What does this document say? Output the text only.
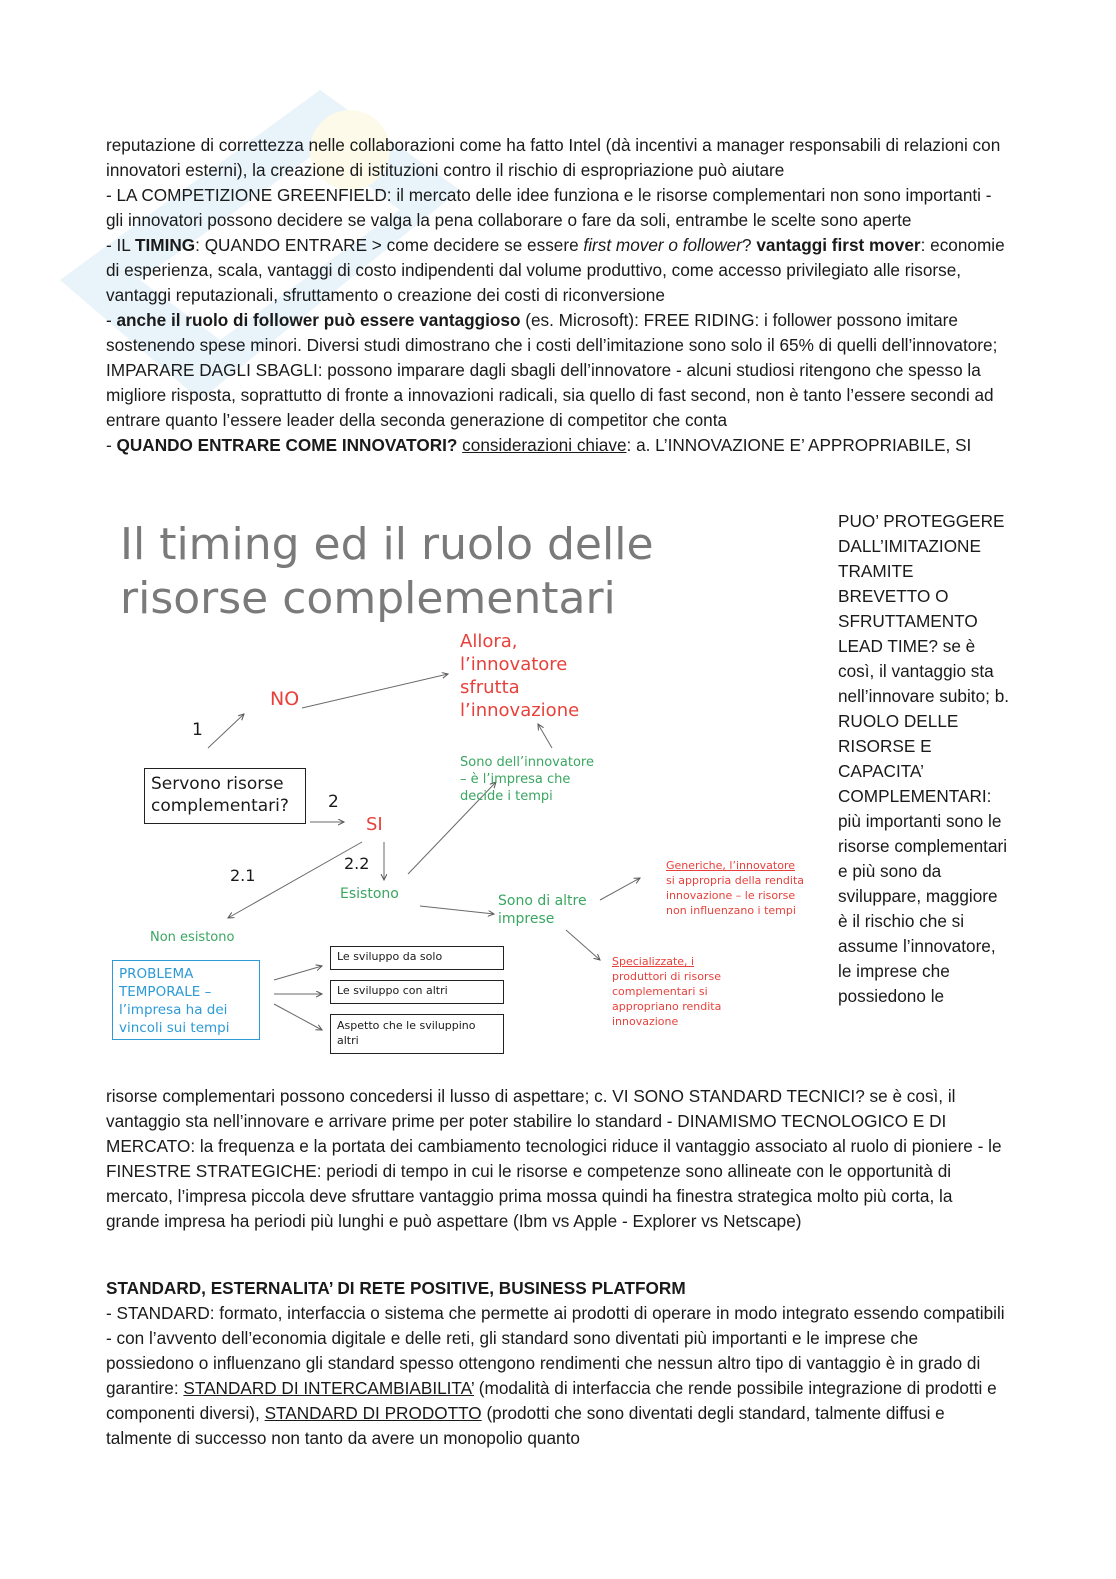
reputazione di correttezza nelle collaborazioni come ha fatto Intel (dà incentivi a manager responsabili di relazioni con innovatori esterni), la creazione di istituzioni contro il rischio di espropriazione può aiutare
- LA COMPETIZIONE GREENFIELD: il mercato delle idee funziona e le risorse complementari non sono importanti - gli innovatori possono decidere se valga la pena collaborare o fare da soli, entrambe le scelte sono aperte
- IL TIMING: QUANDO ENTRARE > come decidere se essere first mover o follower? vantaggi first mover: economie di esperienza, scala, vantaggi di costo indipendenti dal volume produttivo, come accesso privilegiato alle risorse, vantaggi reputazionali, sfruttamento o creazione dei costi di riconversione
- anche il ruolo di follower può essere vantaggioso (es. Microsoft): FREE RIDING: i follower possono imitare sostenendo spese minori. Diversi studi dimostrano che i costi dell’imitazione sono solo il 65% di quelli dell’innovatore; IMPARARE DAGLI SBAGLI: possono imparare dagli sbagli dell’innovatore - alcuni studiosi ritengono che spesso la migliore risposta, soprattutto di fronte a innovazioni radicali, sia quello di fast second, non è tanto l’essere secondi ad entrare quanto l’essere leader della seconda generazione di competitor che conta
- QUANDO ENTRARE COME INNOVATORI? considerazioni chiave: a. L’INNOVAZIONE E’ APPROPRIABILE, SI

Il timing ed il ruolo delle
risorse complementari
1
NO
Allora,
l’innovatore
sfrutta
l’innovazione
Servono risorse
complementari?	2
SI
Sono dell’innovatore
– è l’impresa che
decide i tempi
2.1
2.2
Esistono	Sono di altre
imprese
Generiche, l’innovatore
si appropria della rendita
innovazione – le risorse
non influenzano i tempi
Non esistono
PROBLEMA
TEMPORALE –
l’impresa ha dei
vincoli sui tempi
Le sviluppo da solo
Le sviluppo con altri
Aspetto che le sviluppino
altri
Specializzate, i
produttori di risorse
complementari si
appropriano rendita
innovazione

PUO’ PROTEGGERE DALL’IMITAZIONE TRAMITE BREVETTO O SFRUTTAMENTO LEAD TIME? se è così, il vantaggio sta nell’innovare subito; b. RUOLO DELLE RISORSE E CAPACITA’ COMPLEMENTARI: più importanti sono le risorse complementari e più sono da sviluppare, maggiore è il rischio che si assume l’innovatore, le imprese che possiedono le

risorse complementari possono concedersi il lusso di aspettare; c. VI SONO STANDARD TECNICI? se è così, il vantaggio sta nell’innovare e arrivare prime per poter stabilire lo standard - DINAMISMO TECNOLOGICO E DI MERCATO: la frequenza e la portata dei cambiamento tecnologici riduce il vantaggio associato al ruolo di pioniere - le FINESTRE STRATEGICHE: periodi di tempo in cui le risorse e competenze sono allineate con le opportunità di mercato, l’impresa piccola deve sfruttare vantaggio prima mossa quindi ha finestra strategica molto più corta, la grande impresa ha periodi più lunghi e può aspettare (Ibm vs Apple - Explorer vs Netscape)

STANDARD, ESTERNALITA’ DI RETE POSITIVE, BUSINESS PLATFORM

- STANDARD: formato, interfaccia o sistema che permette ai prodotti di operare in modo integrato essendo compatibili - con l’avvento dell’economia digitale e delle reti, gli standard sono diventati più importanti e le imprese che possiedono o influenzano gli standard spesso ottengono rendimenti che nessun altro tipo di vantaggio è in grado di garantire: STANDARD DI INTERCAMBIABILITA’ (modalità di interfaccia che rende possibile integrazione di prodotti e componenti diversi), STANDARD DI PRODOTTO (prodotti che sono diventati degli standard, talmente diffusi e talmente di successo non tanto da avere un monopolio quanto
